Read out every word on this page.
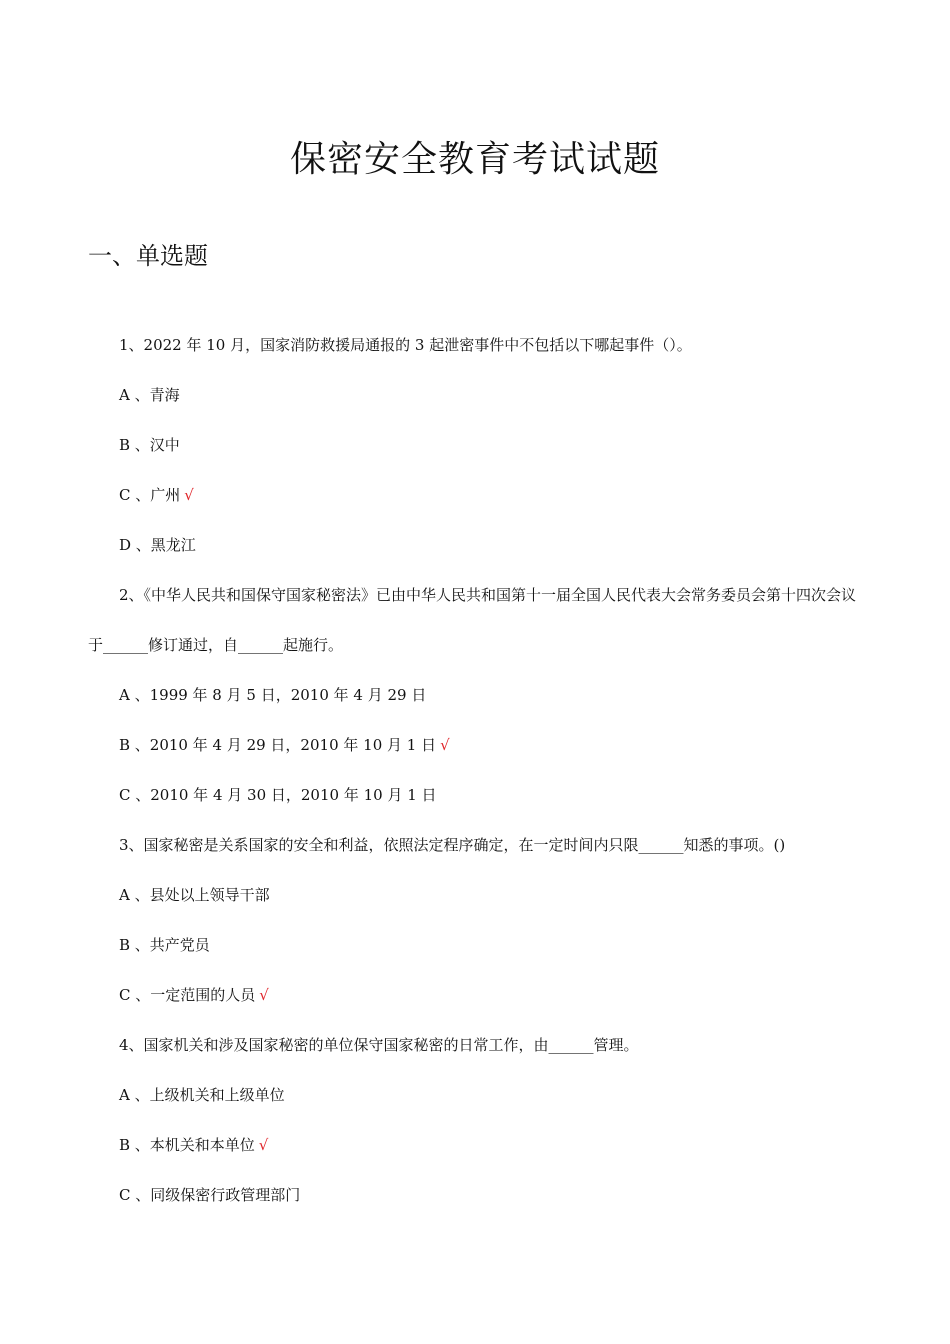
保密安全教育考试试题
一、单选题
1、2022 年 10 月，国家消防救援局通报的 3 起泄密事件中不包括以下哪起事件（）。
A 、青海
B 、汉中
C 、广州 √
D 、黑龙江
2、《中华人民共和国保守国家秘密法》已由中华人民共和国第十一届全国人民代表大会常务委员会第十四次会议于______修订通过，自______起施行。
A 、1999 年 8 月 5 日，2010 年 4 月 29 日
B 、2010 年 4 月 29 日，2010 年 10 月 1 日 √
C 、2010 年 4 月 30 日，2010 年 10 月 1 日
3、国家秘密是关系国家的安全和利益，依照法定程序确定，在一定时间内只限______知悉的事项。()
A 、县处以上领导干部
B 、共产党员
C 、一定范围的人员 √
4、国家机关和涉及国家秘密的单位保守国家秘密的日常工作，由______管理。
A 、上级机关和上级单位
B 、本机关和本单位 √
C 、同级保密行政管理部门
